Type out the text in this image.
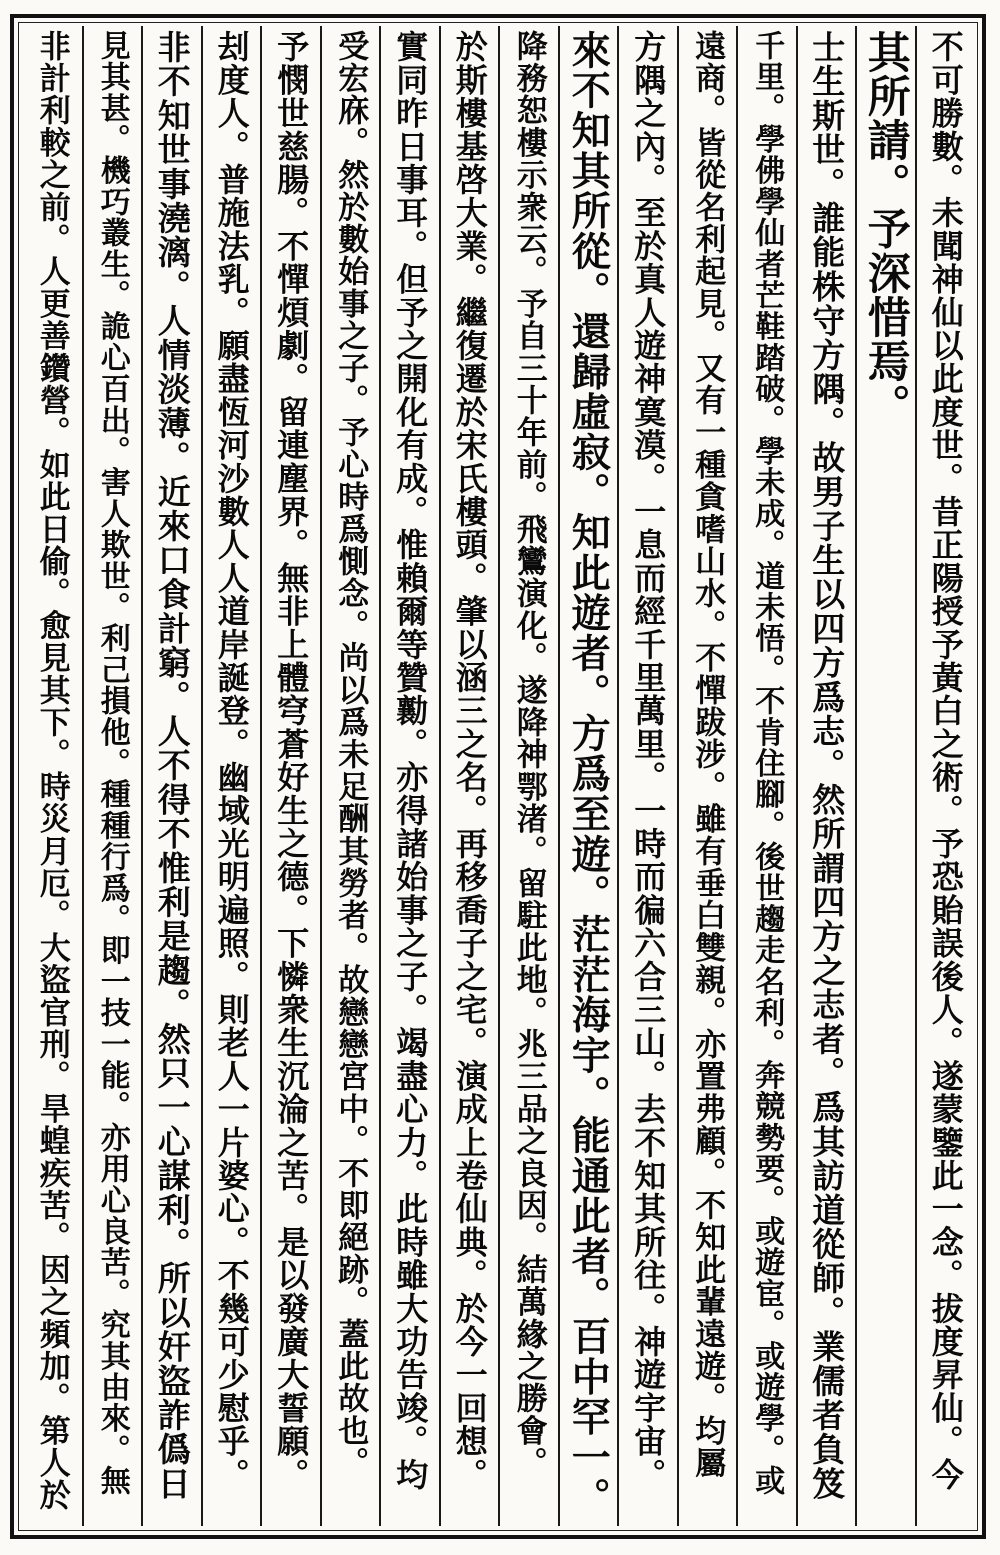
不可勝數。未聞神仙以此度世。昔正陽授予黃白之術。予恐貽誤後人。遂蒙鑒此一念。拔度昇仙。今
其所請。予深惜焉。
士生斯世。誰能株守方隅。故男子生以四方爲志。然所謂四方之志者。爲其訪道從師。業儒者負笈
千里。學佛學仙者芒鞋踏破。學未成。道未悟。不肯住腳。後世趨走名利。奔競勢要。或遊宦。或遊學。或
遠商。皆從名利起見。又有一種貪嗜山水。不憚跋涉。雖有垂白雙親。亦置弗顧。不知此輩遠遊。均屬
方隅之內。至於真人遊神寞漠。一息而經千里萬里。一時而徧六合三山。去不知其所往。神遊宇宙。
來不知其所從。還歸虛寂。知此遊者。方爲至遊。茫茫海宇。能通此者。百中罕一。
降務恕樓示衆云。予自三十年前。飛鸞演化。遂降神鄂渚。留駐此地。兆三品之良因。結萬緣之勝會。
於斯樓基啓大業。繼復遷於宋氏樓頭。肇以涵三之名。再移喬子之宅。演成上卷仙典。於今一回想。
實同昨日事耳。但予之開化有成。惟賴爾等贊勷。亦得諸始事之子。竭盡心力。此時雖大功告竣。均
受宏庥。然於數始事之子。予心時爲惻念。尚以爲未足酬其勞者。故戀戀宮中。不即絕跡。蓋此故也。
予憫世慈腸。不憚煩劇。留連塵界。無非上體穹蒼好生之德。下憐衆生沉淪之苦。是以發廣大誓願。
刦度人。普施法乳。願盡恆河沙數人人道岸誕登。幽域光明遍照。則老人一片婆心。不幾可少慰乎。
非不知世事澆漓。人情淡薄。近來口食計窮。人不得不惟利是趨。然只一心謀利。所以奸盜詐僞日
見其甚。機巧叢生。詭心百出。害人欺世。利己損他。種種行爲。即一技一能。亦用心良苦。究其由來。無
非計利較之前。人更善鑽營。如此日偷。愈見其下。時災月厄。大盜官刑。旱蝗疾苦。因之頻加。第人於
